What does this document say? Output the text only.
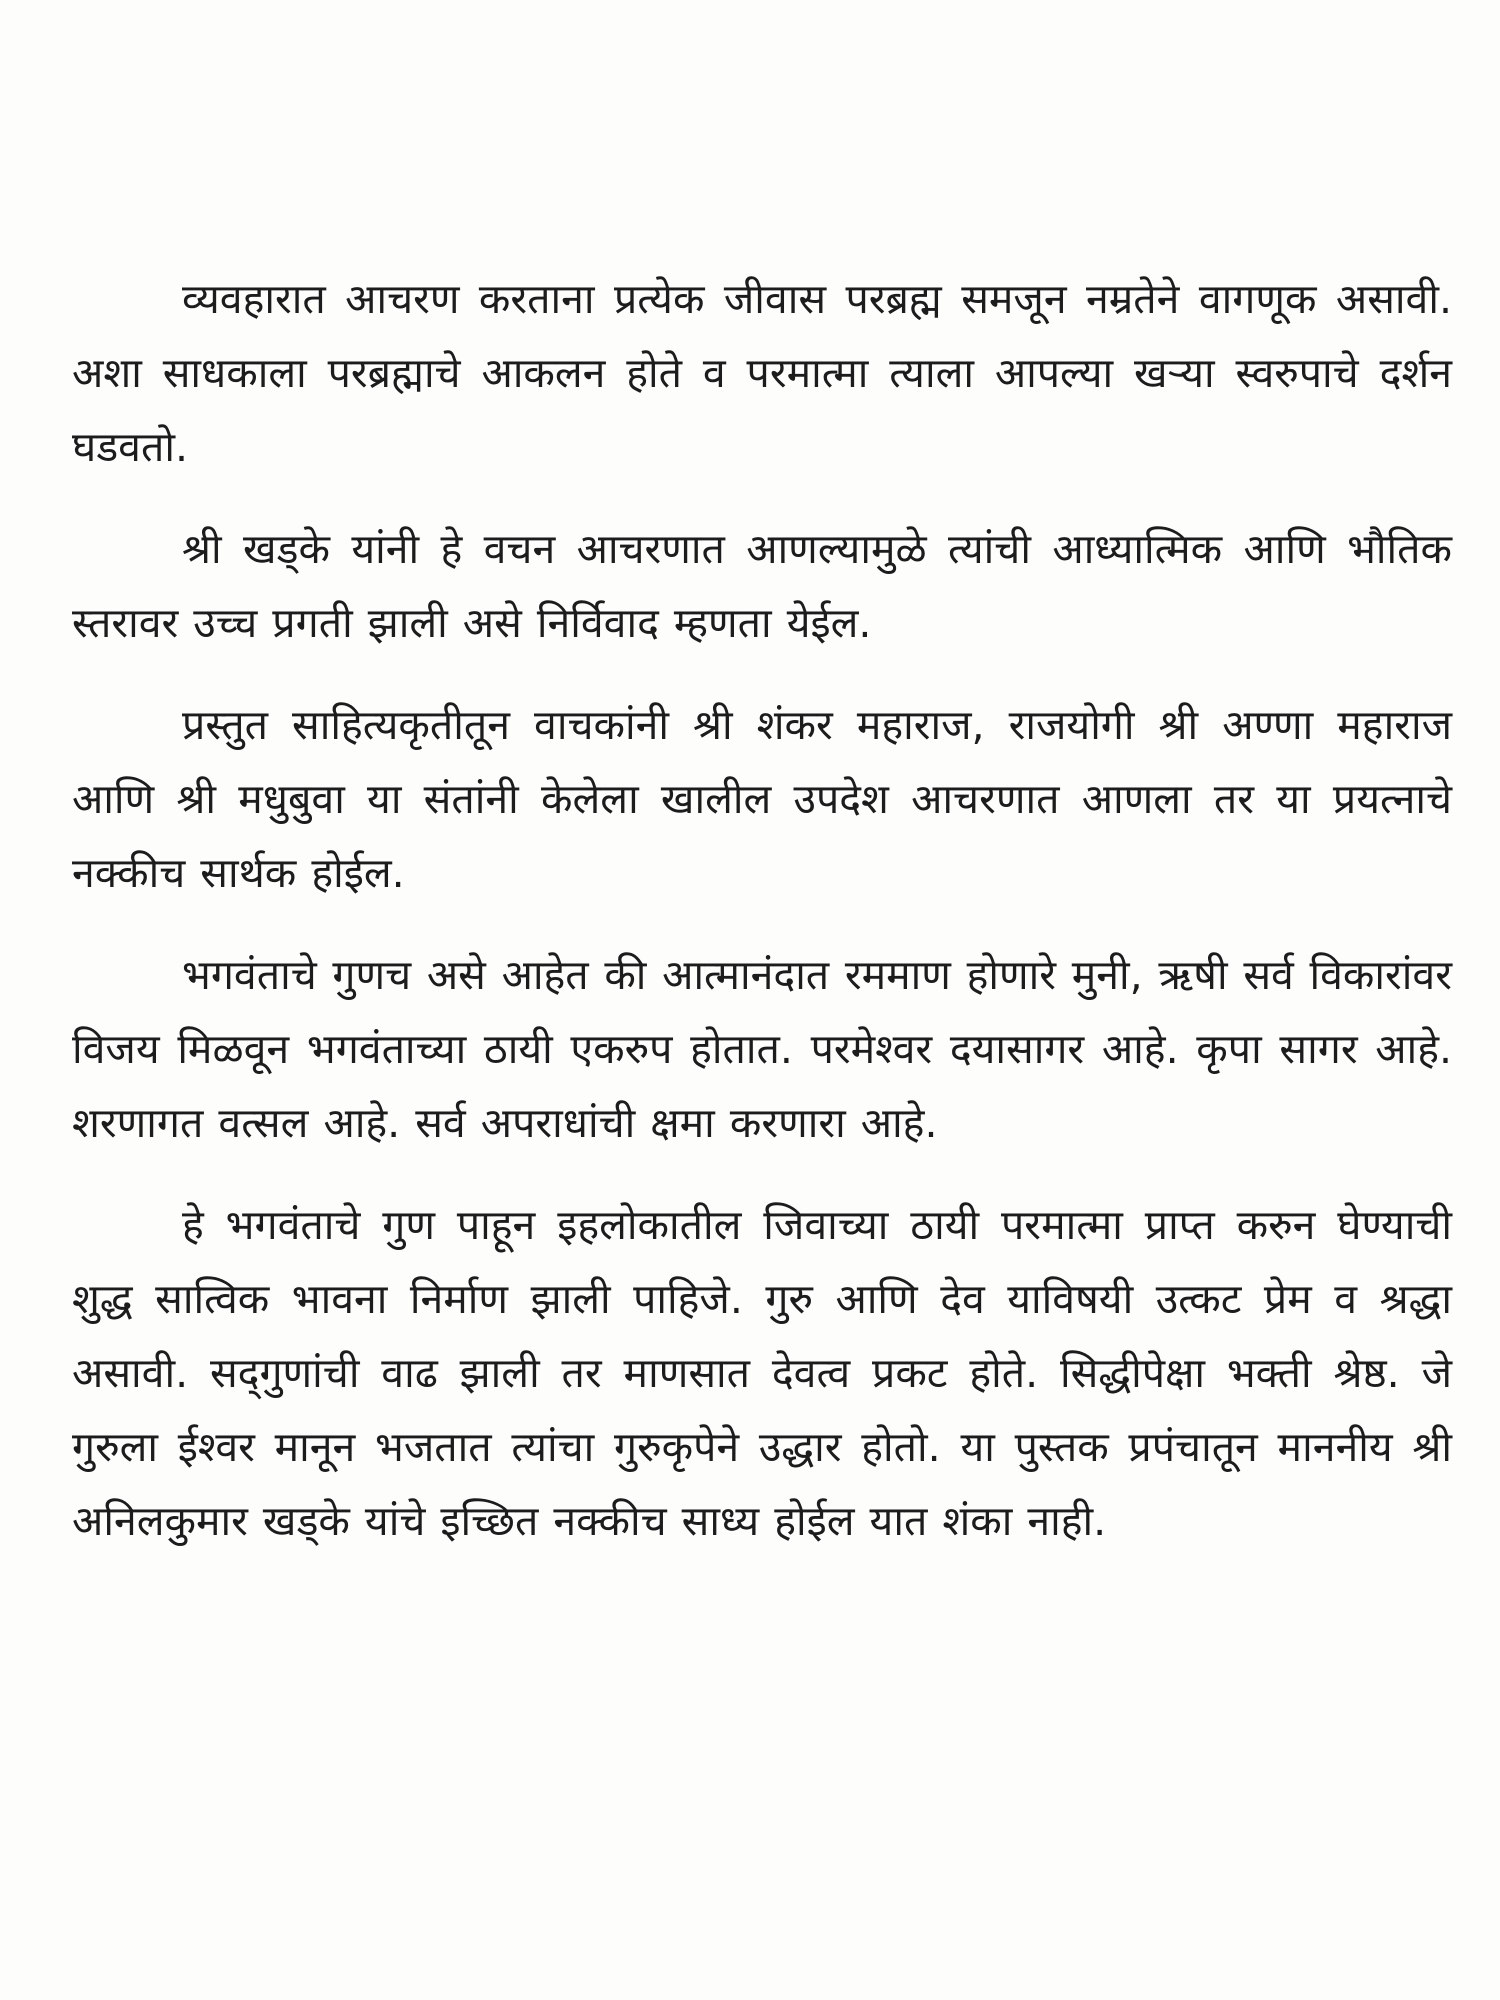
व्यवहारात आचरण करताना प्रत्येक जीवास परब्रह्म समजून नम्रतेने वागणूक असावी. अशा साधकाला परब्रह्माचे आकलन होते व परमात्मा त्याला आपल्या खऱ्या स्वरुपाचे दर्शन घडवतो.

श्री खड्के यांनी हे वचन आचरणात आणल्यामुळे त्यांची आध्यात्मिक आणि भौतिक स्तरावर उच्च प्रगती झाली असे निर्विवाद म्हणता येईल.

प्रस्तुत साहित्यकृतीतून वाचकांनी श्री शंकर महाराज, राजयोगी श्री अण्णा महाराज आणि श्री मधुबुवा या संतांनी केलेला खालील उपदेश आचरणात आणला तर या प्रयत्नाचे नक्कीच सार्थक होईल.

भगवंताचे गुणच असे आहेत की आत्मानंदात रममाण होणारे मुनी, ऋषी सर्व विकारांवर विजय मिळवून भगवंताच्या ठायी एकरुप होतात. परमेश्वर दयासागर आहे. कृपा सागर आहे. शरणागत वत्सल आहे. सर्व अपराधांची क्षमा करणारा आहे.

हे भगवंताचे गुण पाहून इहलोकातील जिवाच्या ठायी परमात्मा प्राप्त करुन घेण्याची शुद्ध सात्विक भावना निर्माण झाली पाहिजे. गुरु आणि देव याविषयी उत्कट प्रेम व श्रद्धा असावी. सद्‌गुणांची वाढ झाली तर माणसात देवत्व प्रकट होते. सिद्धीपेक्षा भक्ती श्रेष्ठ. जे गुरुला ईश्वर मानून भजतात त्यांचा गुरुकृपेने उद्धार होतो. या पुस्तक प्रपंचातून माननीय श्री अनिलकुमार खड्के यांचे इच्छित नक्कीच साध्य होईल यात शंका नाही.
